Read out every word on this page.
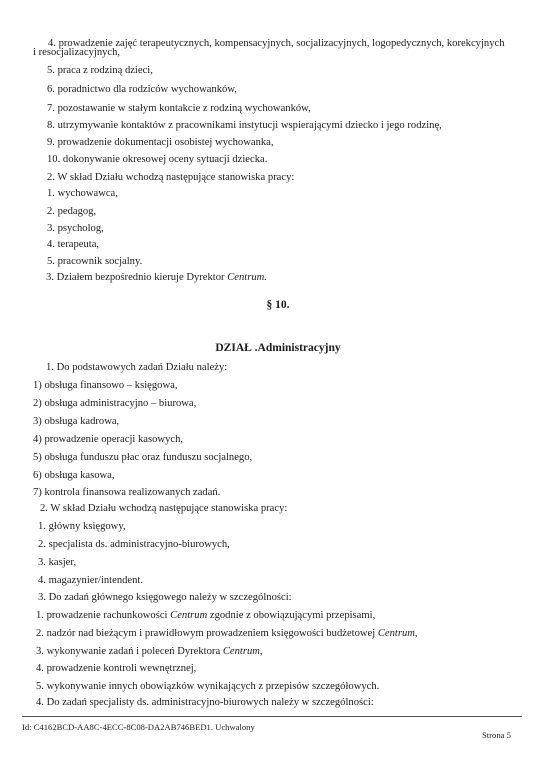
4. prowadzenie zajęć terapeutycznych, kompensacyjnych, socjalizacyjnych, logopedycznych, korekcyjnych
i resocjalizacyjnych,
5. praca z rodziną dzieci,
6. poradnictwo dla rodziców wychowanków,
7. pozostawanie w stałym kontakcie z rodziną wychowanków,
8. utrzymywanie kontaktów z pracownikami instytucji wspierającymi dziecko i jego rodzinę,
9. prowadzenie dokumentacji osobistej wychowanka,
10. dokonywanie okresowej oceny sytuacji dziecka.
2. W skład Działu wchodzą następujące stanowiska pracy:
1. wychowawca,
2. pedagog,
3. psycholog,
4. terapeuta,
5. pracownik socjalny.
3. Działem bezpośrednio kieruje Dyrektor Centrum.
§ 10.
DZIAŁ .Administracyjny
1. Do podstawowych zadań Działu należy:
1) obsługa finansowo – księgowa,
2) obsługa administracyjno – biurowa,
3) obsługa kadrowa,
4) prowadzenie operacji kasowych,
5) obsługa funduszu płac oraz funduszu socjalnego,
6) obsługa kasowa,
7) kontrola finansowa realizowanych zadań.
2. W skład Działu wchodzą następujące stanowiska pracy:
1. główny księgowy,
2. specjalista ds. administracyjno-biurowych,
3. kasjer,
4. magazynier/intendent.
3. Do zadań głównego księgowego należy w szczególności:
1. prowadzenie rachunkowości Centrum zgodnie z obowiązującymi przepisami,
2. nadzór nad bieżącym i prawidłowym prowadzeniem księgowości budżetowej Centrum,
3. wykonywanie zadań i poleceń Dyrektora Centrum,
4. prowadzenie kontroli wewnętrznej,
5. wykonywanie innych obowiązków wynikających z przepisów szczegółowych.
4. Do zadań specjalisty ds. administracyjno-biurowych należy w szczególności:
Id: C4162BCD-AA8C-4ECC-8C08-DA2AB746BED1. Uchwalony
Strona 5
